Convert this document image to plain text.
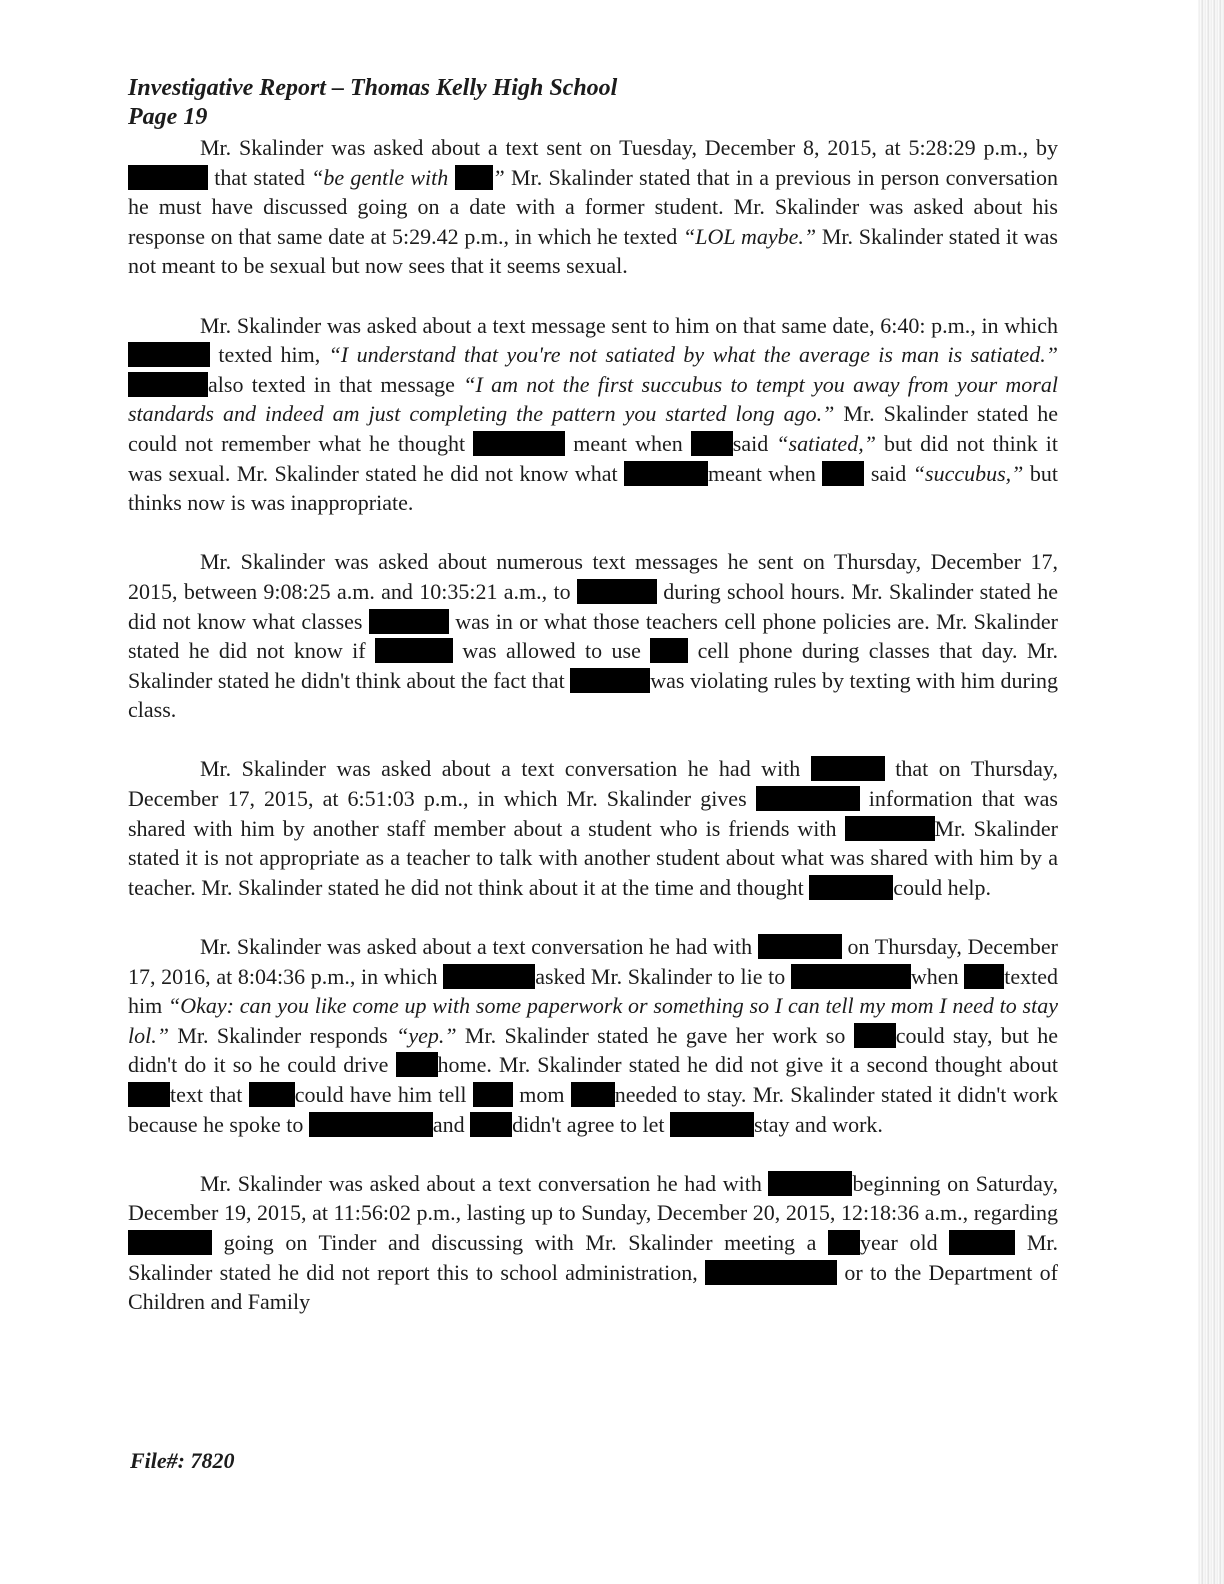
Investigative Report – Thomas Kelly High School
Page 19

Mr. Skalinder was asked about a text sent on Tuesday, December 8, 2015, at 5:28:29 p.m., by  that stated “be gentle with ” Mr. Skalinder stated that in a previous in person conversation he must have discussed going on a date with a former student. Mr. Skalinder was asked about his response on that same date at 5:29.42 p.m., in which he texted “LOL maybe.” Mr. Skalinder stated it was not meant to be sexual but now sees that it seems sexual.

Mr. Skalinder was asked about a text message sent to him on that same date, 6:40: p.m., in which  texted him, “I understand that you're not satiated by what the average is man is satiated.” also texted in that message “I am not the first succubus to tempt you away from your moral standards and indeed am just completing the pattern you started long ago.” Mr. Skalinder stated he could not remember what he thought	meant when said “satiated,” but did not think it was sexual. Mr. Skalinder stated he did not know what	meant when  said “succubus,” but thinks now is was inappropriate.

Mr. Skalinder was asked about numerous text messages he sent on Thursday, December 17, 2015, between 9:08:25 a.m. and 10:35:21 a.m., to	during school hours. Mr. Skalinder stated he did not know what classes	was in or what those teachers cell phone policies are. Mr. Skalinder stated he did not know if	was allowed to use  cell phone during classes that day. Mr. Skalinder stated he didn't think about the fact that	was violating rules by texting with him during class.

Mr. Skalinder was asked about a text conversation he had with	that on Thursday, December 17, 2015, at 6:51:03 p.m., in which Mr. Skalinder gives	information that was shared with him by another staff member about a student who is friends with	Mr. Skalinder stated it is not appropriate as a teacher to talk with another student about what was shared with him by a teacher. Mr. Skalinder stated he did not think about it at the time and thought	could help.

Mr. Skalinder was asked about a text conversation he had with	on Thursday, December 17, 2016, at 8:04:36 p.m., in which	asked Mr. Skalinder to lie to	when texted him “Okay: can you like come up with some paperwork or something so I can tell my mom I need to stay lol.” Mr. Skalinder responds “yep.” Mr. Skalinder stated he gave her work so could stay, but he didn't do it so he could drive home. Mr. Skalinder stated he did not give it a second thought about text that could have him tell  mom needed to stay. Mr. Skalinder stated it didn't work because he spoke to	and didn't agree to let	stay and work.

Mr. Skalinder was asked about a text conversation he had with	beginning on Saturday, December 19, 2015, at 11:56:02 p.m., lasting up to Sunday, December 20, 2015, 12:18:36 a.m., regarding  going on Tinder and discussing with Mr. Skalinder meeting a year old	Mr. Skalinder stated he did not report this to school administration,	or to the Department of Children and Family

File#: 7820
